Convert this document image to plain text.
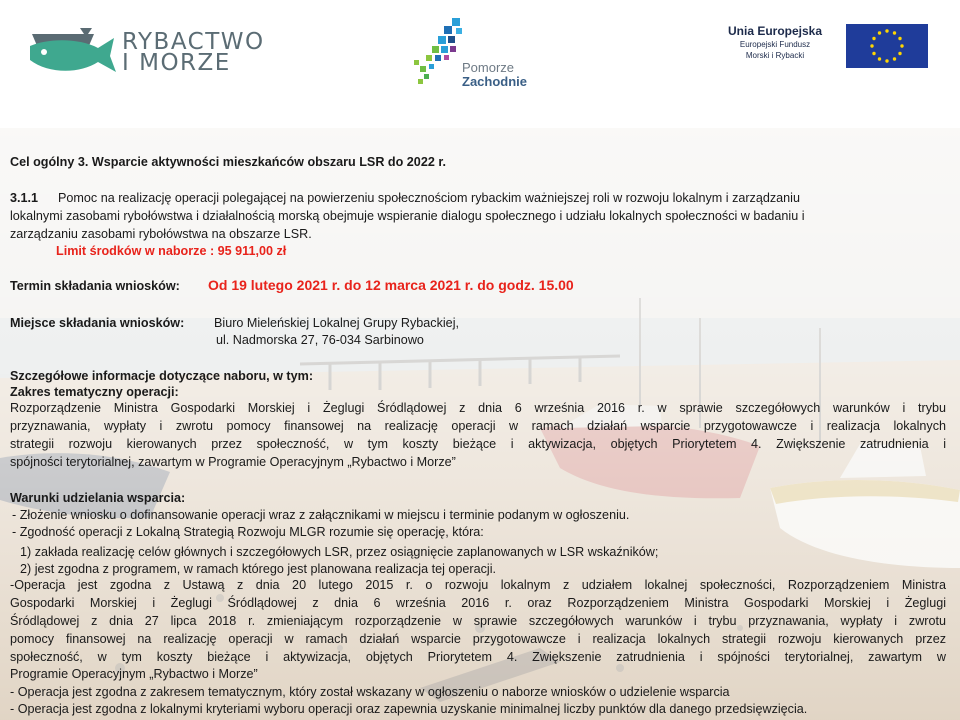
RYBACTWO
I MORZE	Pomorze
Zachodnie
Unia Europejska
Europejski Fundusz
Morski i Rybacki
Cel ogólny 3. Wsparcie aktywności mieszkańców obszaru LSR do 2022 r.
3.1.1 Pomoc na realizację operacji polegającej na powierzeniu społecznościom rybackim ważniejszej roli w rozwoju lokalnym i zarządzaniu
lokalnymi zasobami rybołówstwa i działalnością morską obejmuje wspieranie dialogu społecznego i udziału lokalnych społeczności w badaniu i
zarządzaniu zasobami rybołówstwa na obszarze LSR.
Limit środków w naborze : 95 911,00 zł
Termin składania wniosków: Od 19 lutego 2021 r. do 12 marca 2021 r. do godz. 15.00
Miejsce składania wniosków: Biuro Mieleńskiej Lokalnej Grupy Rybackiej,
ul. Nadmorska 27, 76-034 Sarbinowo
Szczegółowe informacje dotyczące naboru, w tym:
Zakres tematyczny operacji:
Rozporządzenie Ministra Gospodarki Morskiej i Żeglugi Śródlądowej z dnia 6 września 2016 r. w sprawie szczegółowych warunków i trybu
przyznawania, wypłaty i zwrotu pomocy finansowej na realizację operacji w ramach działań wsparcie przygotowawcze i realizacja lokalnych
strategii rozwoju kierowanych przez społeczność, w tym koszty bieżące i aktywizacja, objętych Priorytetem 4. Zwiększenie zatrudnienia i
spójności terytorialnej, zawartym w Programie Operacyjnym „Rybactwo i Morze”
Warunki udzielania wsparcia:
- Złożenie wniosku o dofinansowanie operacji wraz z załącznikami w miejscu i terminie podanym w ogłoszeniu.
- Zgodność operacji z Lokalną Strategią Rozwoju MLGR rozumie się operację, która:
1) zakłada realizację celów głównych i szczegółowych LSR, przez osiągnięcie zaplanowanych w LSR wskaźników;
2) jest zgodna z programem, w ramach którego jest planowana realizacja tej operacji.
-Operacja jest zgodna z Ustawą z dnia 20 lutego 2015 r. o rozwoju lokalnym z udziałem lokalnej społeczności, Rozporządzeniem Ministra
Gospodarki Morskiej i Żeglugi Śródlądowej z dnia 6 września 2016 r. oraz Rozporządzeniem Ministra Gospodarki Morskiej i Żeglugi
Śródlądowej z dnia 27 lipca 2018 r. zmieniającym rozporządzenie w sprawie szczegółowych warunków i trybu przyznawania, wypłaty i zwrotu
pomocy finansowej na realizację operacji w ramach działań wsparcie przygotowawcze i realizacja lokalnych strategii rozwoju kierowanych przez
społeczność, w tym koszty bieżące i aktywizacja, objętych Priorytetem 4. Zwiększenie zatrudnienia i spójności terytorialnej, zawartym w
Programie Operacyjnym „Rybactwo i Morze”
- Operacja jest zgodna z zakresem tematycznym, który został wskazany w ogłoszeniu o naborze wniosków o udzielenie wsparcia
- Operacja jest zgodna z lokalnymi kryteriami wyboru operacji oraz zapewnia uzyskanie minimalnej liczby punktów dla danego przedsięwzięcia.
